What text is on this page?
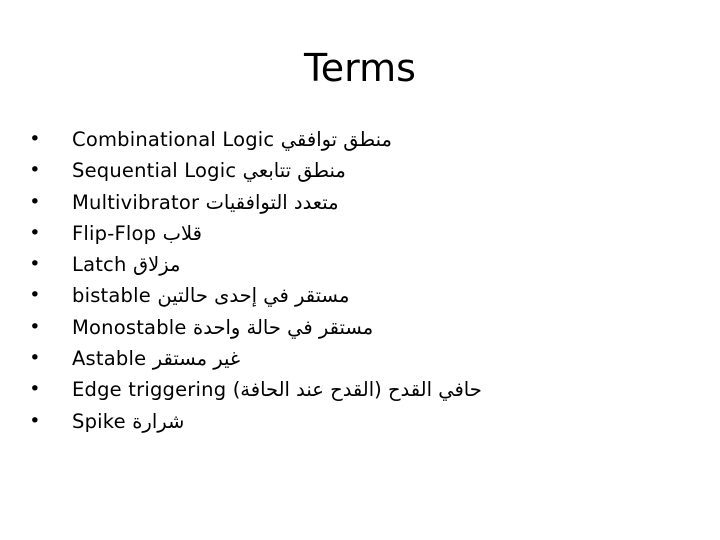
Terms
• Combinational Logic منطق توافقي
• Sequential Logic منطق تتابعي
• Multivibrator متعدد التوافقيات
• Flip-Flop قلاب
• Latch مزلاق
• bistable مستقر في إحدى حالتين
• Monostable مستقر في حالة واحدة
• Astable غير مستقر
• Edge triggering حافي القدح (القدح عند الحافة)
• Spike شرارة
